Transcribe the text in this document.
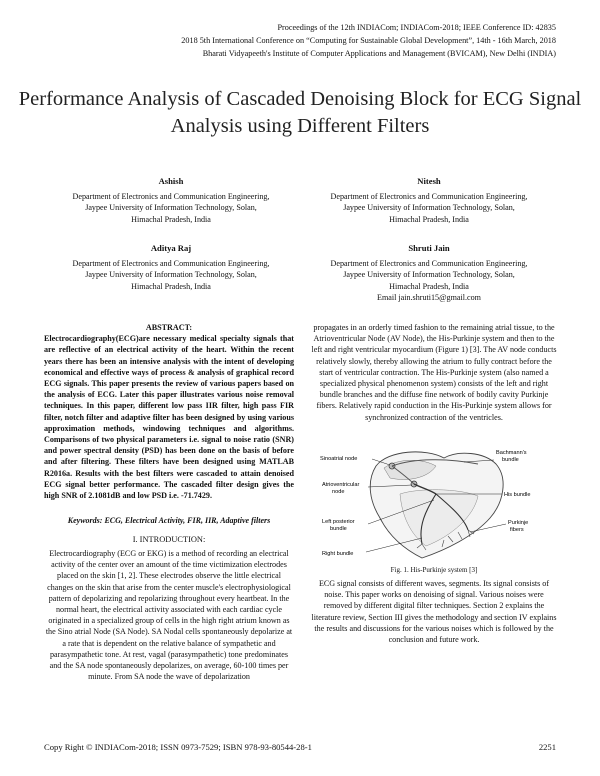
Proceedings of the 12th INDIACom; INDIACom-2018; IEEE Conference ID: 42835
2018 5th International Conference on “Computing for Sustainable Global Development”, 14th - 16th March, 2018
Bharati Vidyapeeth's Institute of Computer Applications and Management (BVICAM), New Delhi (INDIA)
Performance Analysis of Cascaded Denoising Block for ECG Signal Analysis using Different Filters
Ashish
Department of Electronics and Communication Engineering,
Jaypee University of Information Technology, Solan,
Himachal Pradesh, India
Nitesh
Department of Electronics and Communication Engineering,
Jaypee University of Information Technology, Solan,
Himachal Pradesh, India
Aditya Raj
Department of Electronics and Communication Engineering,
Jaypee University of Information Technology, Solan,
Himachal Pradesh, India
Shruti Jain
Department of Electronics and Communication Engineering,
Jaypee University of Information Technology, Solan,
Himachal Pradesh, India
Email jain.shruti15@gmail.com
ABSTRACT:
Electrocardiography(ECG)are necessary medical specialty signals that are reflective of an electrical activity of the heart. Within the recent years there has been an intensive analysis with the intent of developing economical and effective ways of process & analysis of graphical record ECG signals. This paper presents the review of various papers based on the analysis of ECG. Later this paper illustrates various noise removal techniques. In this paper, different low pass IIR filter, high pass FIR filter, notch filter and adaptive filter has been designed by using various approximation methods, windowing techniques and algorithms. Comparisons of two physical parameters i.e. signal to noise ratio (SNR) and power spectral density (PSD) has been done on the basis of before and after filtering. These filters have been designed using MATLAB R2016a. Results with the best filters were cascaded to attain denoised ECG signal better performance. The cascaded filter design gives the high SNR of 2.1081dB and low PSD i.e. -71.7429.
Keywords: ECG, Electrical Activity, FIR, IIR, Adaptive filters
I. INTRODUCTION:
Electrocardiography (ECG or EKG) is a method of recording an electrical activity of the center over an amount of the time victimization electrodes placed on the skin [1, 2]. These electrodes observe the little electrical changes on the skin that arise from the center muscle's electrophysiological pattern of depolarizing and repolarizing throughout every heartbeat. In the normal heart, the electrical activity associated with each cardiac cycle originated in a specialized group of cells in the high right atrium known as the Sino atrial Node (SA Node). SA Nodal cells spontaneously depolarize at a rate that is dependent on the relative balance of sympathetic and parasympathetic tone. At rest, vagal (parasympathetic) tone predominates and the SA node spontaneously depolarizes, on average, 60-100 times per minute. From SA node the wave of depolarization
propagates in an orderly timed fashion to the remaining atrial tissue, to the Atrioventricular Node (AV Node), the His-Purkinje system and then to the left and right ventricular myocardium (Figure 1) [3]. The AV node conducts relatively slowly, thereby allowing the atrium to fully contract before the start of ventricular contraction. The His-Purkinje system (also named a specialized physical phenomenon system) consists of the left and right bundle branches and the diffuse fine network of bodily cavity Purkinje fibers. Relatively rapid conduction in the His-Purkinje system allows for synchronized contraction of the ventricles.
Sinoatrial node
Atrioventricular
node
Left posterior
bundle
Right bundle
Bachmann's
bundle
His bundle
Purkinje
fibers
Fig. 1. His-Purkinje system [3]
ECG signal consists of different waves, segments. Its signal consists of noise. This paper works on denoising of signal. Various noises were removed by different digital filter techniques. Section 2 explains the literature review, Section III gives the methodology and section IV explains the results and discussions for the various noises which is followed by the conclusion and future work.
Copy Right © INDIACom-2018; ISSN 0973-7529; ISBN 978-93-80544-28-1	2251
